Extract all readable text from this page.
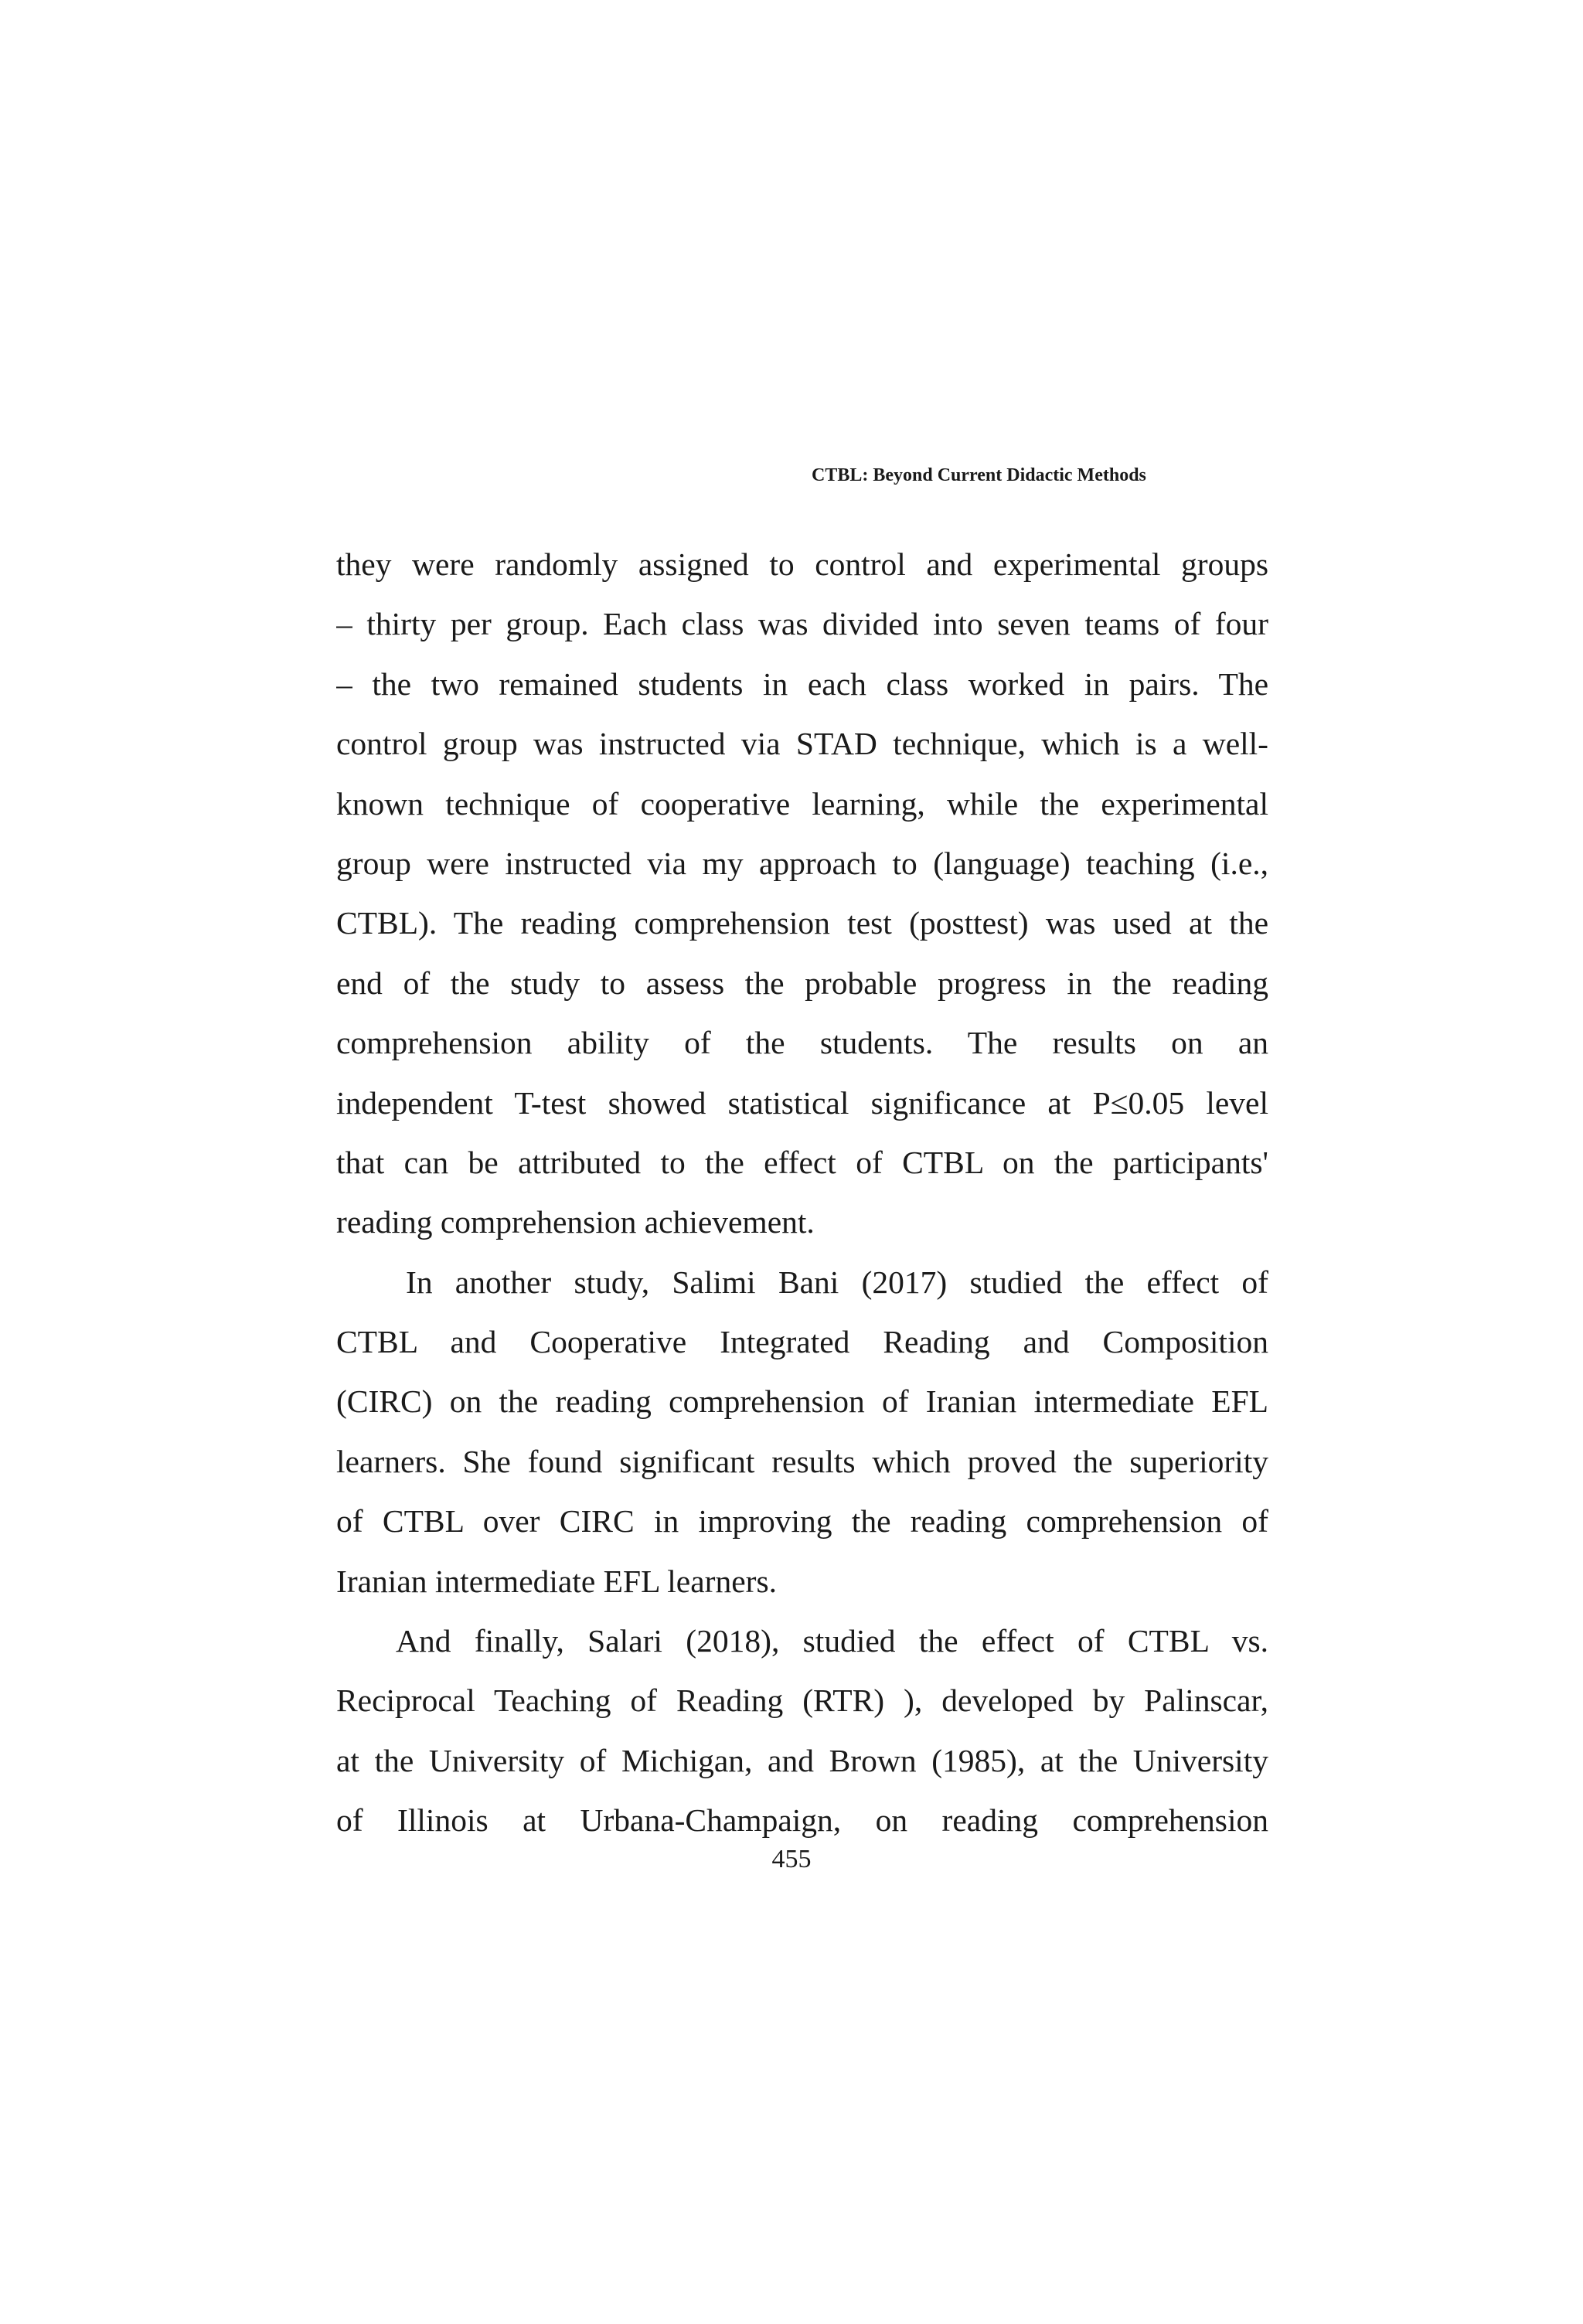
CTBL: Beyond Current Didactic Methods
they were randomly assigned to control and experimental groups
– thirty per group. Each class was divided into seven teams of four
– the two remained students in each class worked in pairs. The
control group was instructed via STAD technique, which is a well-
known technique of cooperative learning, while the experimental
group were instructed via my approach to (language) teaching (i.e.,
CTBL). The reading comprehension test (posttest) was used at the
end of the study to assess the probable progress in the reading
comprehension ability of the students. The results on an
independent T-test showed statistical significance at P≤0.05 level
that can be attributed to the effect of CTBL on the participants'
reading comprehension achievement.
In another study, Salimi Bani (2017) studied the effect of
CTBL and Cooperative Integrated Reading and Composition
(CIRC) on the reading comprehension of Iranian intermediate EFL
learners. She found significant results which proved the superiority
of CTBL over CIRC in improving the reading comprehension of
Iranian intermediate EFL learners.
And finally, Salari (2018), studied the effect of CTBL vs.
Reciprocal Teaching of Reading (RTR) ), developed by Palinscar,
at the University of Michigan, and Brown (1985), at the University
of Illinois at Urbana-Champaign, on reading comprehension
455
